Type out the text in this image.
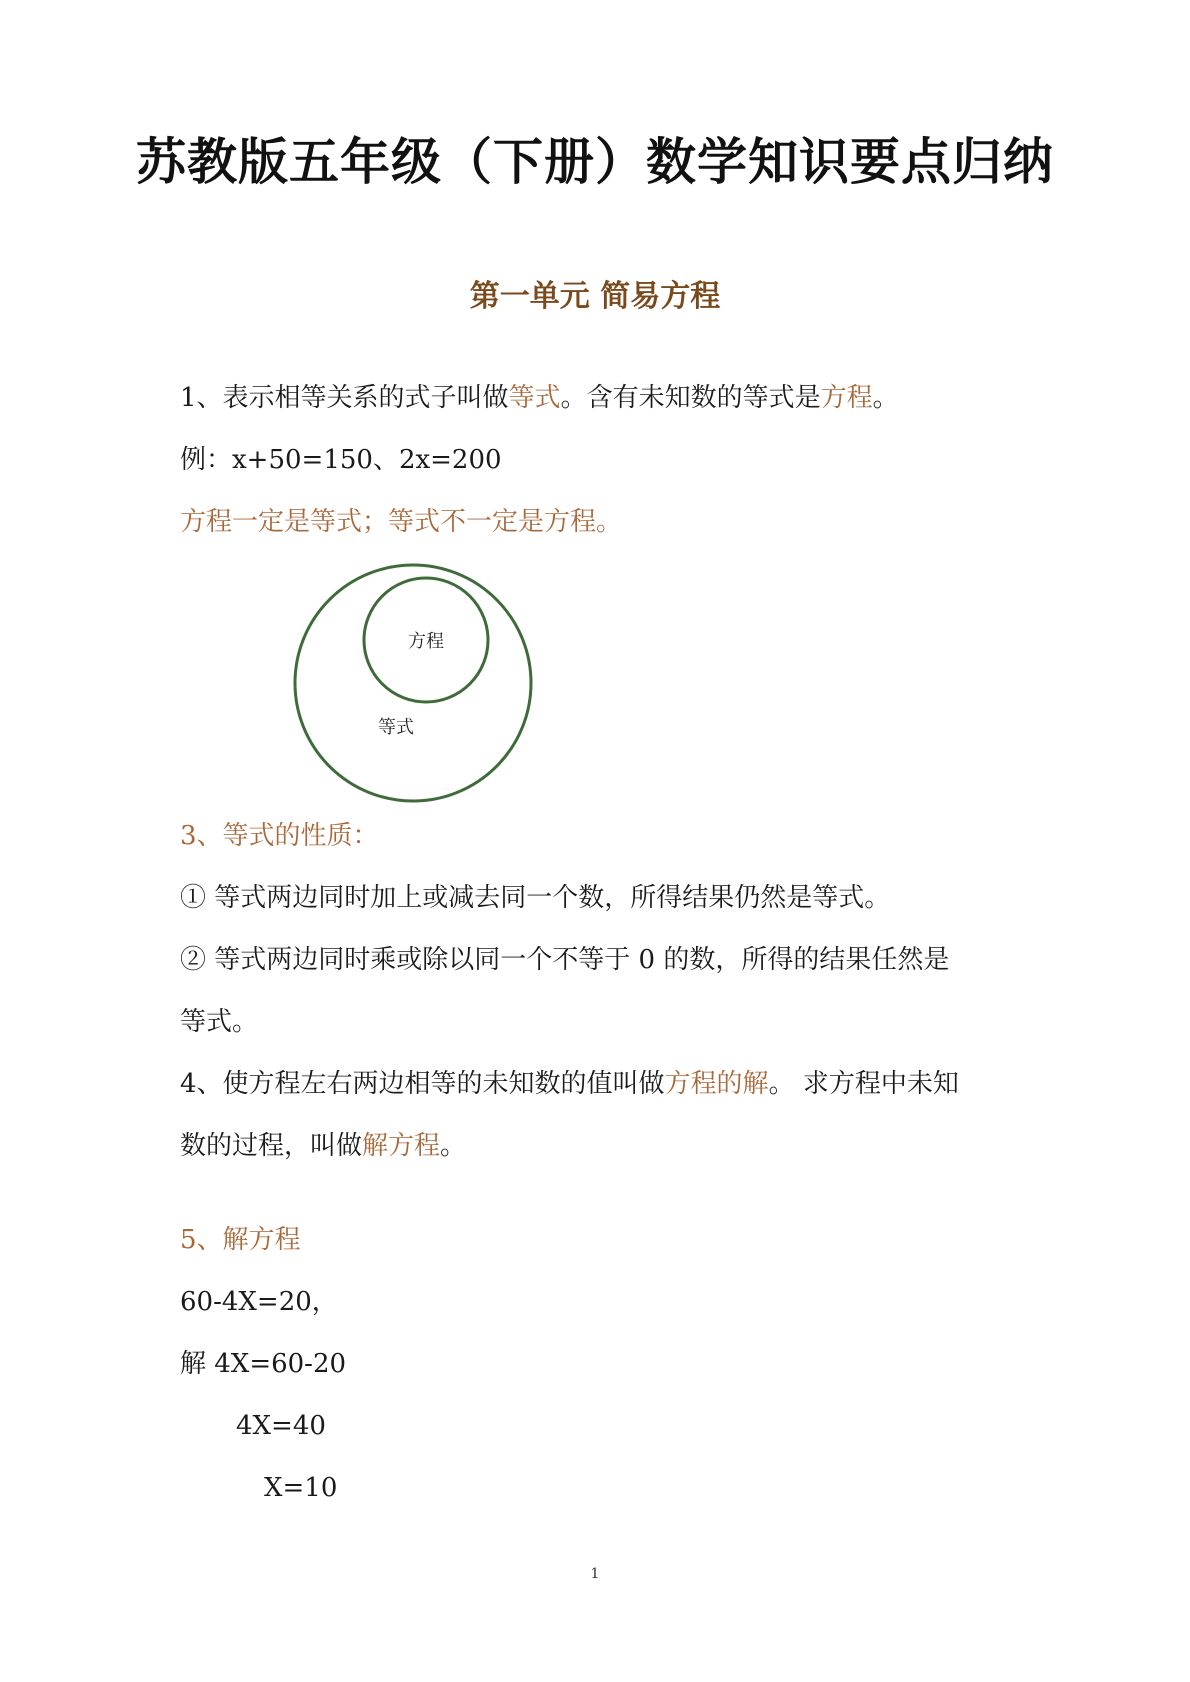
苏教版五年级（下册）数学知识要点归纳
第一单元 简易方程
1、表示相等关系的式子叫做等式。含有未知数的等式是方程。
例：x+50=150、2x=200
方程一定是等式；等式不一定是方程。
方程
等式
3、等式的性质：
① 等式两边同时加上或减去同一个数，所得结果仍然是等式。
② 等式两边同时乘或除以同一个不等于 0 的数，所得的结果任然是
等式。
4、使方程左右两边相等的未知数的值叫做方程的解。 求方程中未知
数的过程，叫做解方程。
5、解方程
60-4X=20，
解 4X=60-20
4X=40
X=10
1
